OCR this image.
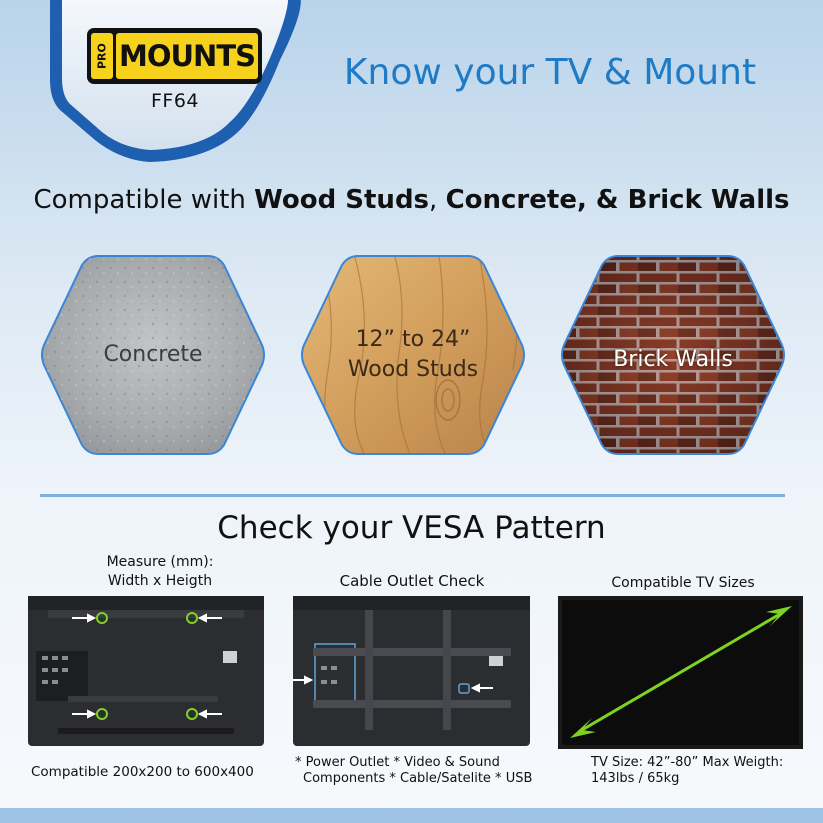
PRO MOUNTS
FF64
Know your TV & Mount
Compatible with Wood Studs, Concrete, & Brick Walls
Concrete
12” to 24”
Wood Studs	Brick Walls
Check your VESA Pattern
Measure (mm):
Width x Heigth	Cable Outlet Check	Compatible TV Sizes
Compatible 200x200 to 600x400
* Power Outlet * Video & Sound
Components * Cable/Satelite * USB
TV Size: 42”-80” Max Weigth:
143lbs / 65kg
